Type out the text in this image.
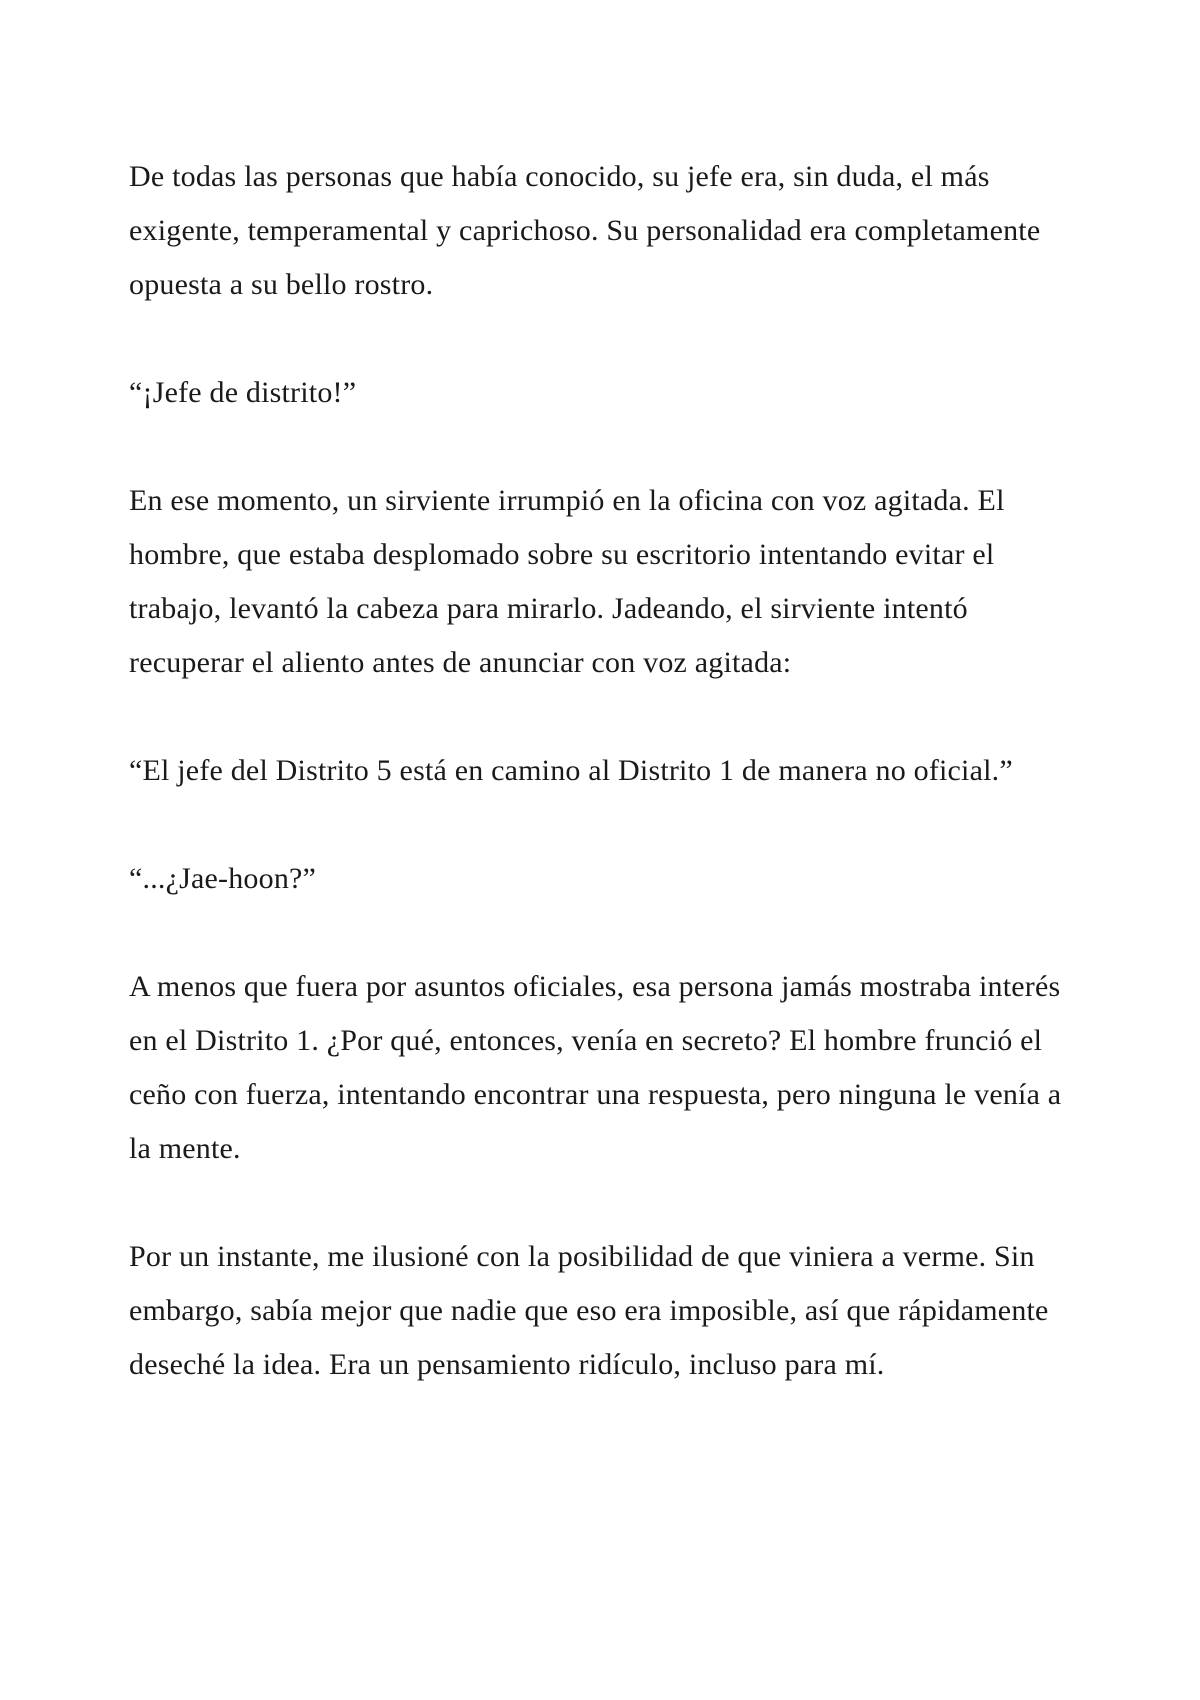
De todas las personas que había conocido, su jefe era, sin duda, el más exigente, temperamental y caprichoso. Su personalidad era completamente opuesta a su bello rostro.

“¡Jefe de distrito!”

En ese momento, un sirviente irrumpió en la oficina con voz agitada. El hombre, que estaba desplomado sobre su escritorio intentando evitar el trabajo, levantó la cabeza para mirarlo. Jadeando, el sirviente intentó recuperar el aliento antes de anunciar con voz agitada:

“El jefe del Distrito 5 está en camino al Distrito 1 de manera no oficial.”

“...¿Jae-hoon?”

A menos que fuera por asuntos oficiales, esa persona jamás mostraba interés en el Distrito 1. ¿Por qué, entonces, venía en secreto? El hombre frunció el ceño con fuerza, intentando encontrar una respuesta, pero ninguna le venía a la mente.

Por un instante, me ilusioné con la posibilidad de que viniera a verme. Sin embargo, sabía mejor que nadie que eso era imposible, así que rápidamente deseché la idea. Era un pensamiento ridículo, incluso para mí.
